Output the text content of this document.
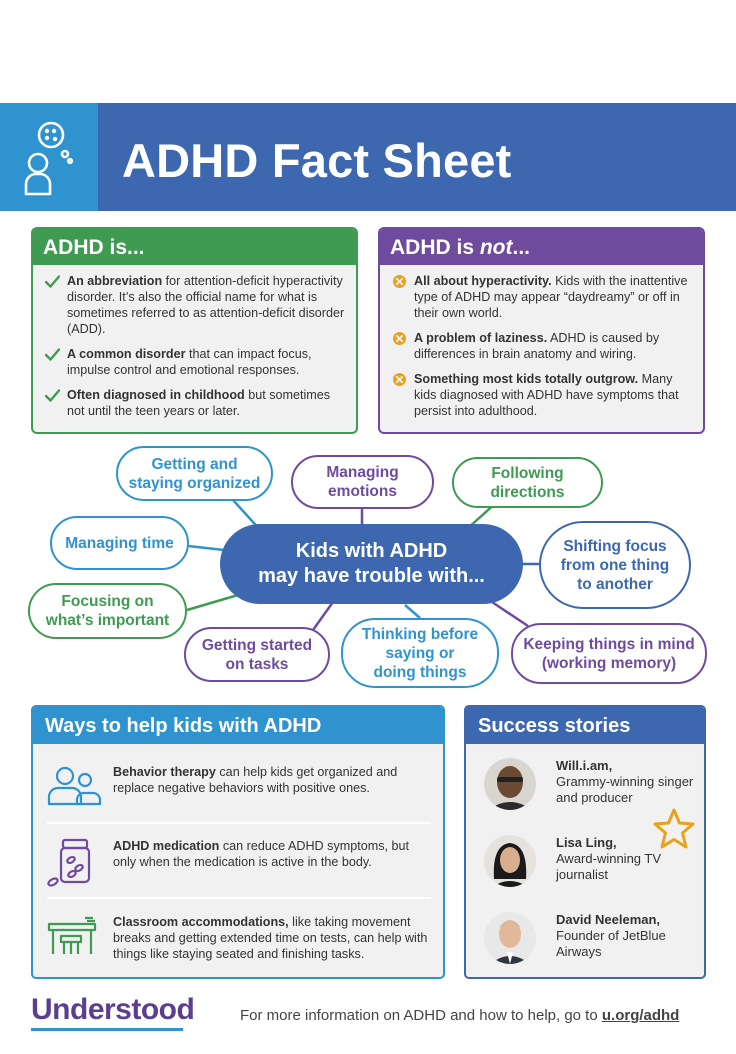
ADHD Fact Sheet
ADHD is...
An abbreviation for attention-deficit hyperactivity disorder. It’s also the official name for what is sometimes referred to as attention-deficit disorder (ADD).
A common disorder that can impact focus, impulse control and emotional responses.
Often diagnosed in childhood but sometimes not until the teen years or later.
ADHD is not...
All about hyperactivity. Kids with the inattentive type of ADHD may appear “daydreamy” or off in their own world.
A problem of laziness. ADHD is caused by differences in brain anatomy and wiring.
Something most kids totally outgrow. Many kids diagnosed with ADHD have symptoms that persist into adulthood.
Getting and
staying organized
Managing
emotions
Following
directions
Managing time	Shifting focus
from one thing
to another
Focusing on
what’s important
Getting started
on tasks
Thinking before
saying or
doing things
Keeping things in mind
(working memory)
Kids with ADHD
may have trouble with...
Ways to help kids with ADHD

Behavior therapy can help kids get organized and replace negative behaviors with positive ones.

ADHD medication can reduce ADHD symptoms, but only when the medication is active in the body.

Classroom accommodations, like taking movement breaks and getting extended time on tests, can help with things like staying seated and finishing tasks.

Success stories
Will.i.am,
Grammy-winning singer and producer
Lisa Ling,
Award-winning TV journalist
David Neeleman,
Founder of JetBlue Airways
Understood	For more information on ADHD and how to help, go to u.org/adhd
